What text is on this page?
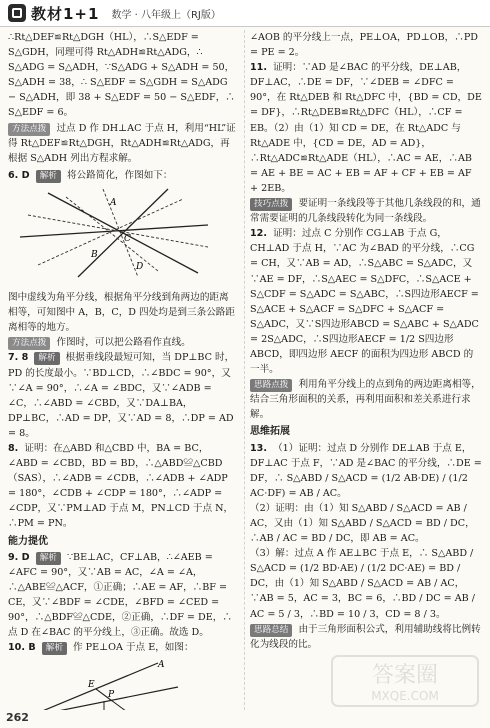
教材1+1 数学 · 八年级上（RJ版）

∴Rt△DEF≌Rt△DGH（HL），∴S△EDF = S△GDH，同理可得 Rt△ADH≌Rt△ADG，∴ S△ADG = S△ADH，∵S△ADG + S△ADH = 50，S△ADH = 38，∴ S△EDF = S△GDH = S△ADG − S△ADH，即 38 + S△EDF = 50 − S△EDF，∴ S△EDF = 6。

方法点拨 过点 D 作 DH⊥AC 于点 H，利用“HL”证得 Rt△DEF≌Rt△DGH，Rt△ADH≌Rt△ADG，再根据 S△ADH 列出方程求解。

6. D 解析 将公路简化，作图如下：

A
B
C
D

图中虚线为角平分线，根据角平分线到角两边的距离相等，可知图中 A，B，C，D 四处均是到三条公路距离相等的地方。

方法点拨 作图时，可以把公路看作直线。

7. 8 解析 根据垂线段最短可知，当 DP⊥BC 时，PD 的长度最小。∵BD⊥CD，∴∠BDC = 90°，又∵∠A = 90°，∴∠A = ∠BDC，又∵∠ADB = ∠C，∴∠ABD = ∠CBD，又∵DA⊥BA，DP⊥BC，∴AD = DP，又∵AD = 8，∴DP = AD = 8。

8. 证明：在△ABD 和△CBD 中，BA = BC，∠ABD = ∠CBD，BD = BD，∴△ABD≌△CBD（SAS），∴∠ADB = ∠CDB，∴∠ADB + ∠ADP = 180°，∠CDB + ∠CDP = 180°，∴∠ADP = ∠CDP，又∵PM⊥AD 于点 M，PN⊥CD 于点 N，∴PM = PN。

能力提优

9. D 解析 ∵BE⊥AC，CF⊥AB，∴∠AEB = ∠AFC = 90°，又∵AB = AC，∠A = ∠A，∴△ABE≌△ACF，①正确；∴AE = AF，∴BF = CE，又∵∠BDF = ∠CDE，∠BFD = ∠CED = 90°，∴△BDF≌△CDE，②正确，∴DF = DE，∴点 D 在∠BAC 的平分线上，③正确。故选 D。

10. B 解析 作 PE⊥OA 于点 E，如图：

A
P
E

∠AOB 的平分线上一点，PE⊥OA，PD⊥OB，∴PD = PE = 2。

11. 证明：∵AD 是∠BAC 的平分线，DE⊥AB，DF⊥AC，∴DE = DF，∵∠DEB = ∠DFC = 90°，在 Rt△DEB 和 Rt△DFC 中，{BD = CD，DE = DF}，∴Rt△DEB≌Rt△DFC（HL），∴CF = EB。（2）由（1）知 CD = DE，在 Rt△ADC 与 Rt△ADE 中，{CD = DE，AD = AD}，∴Rt△ADC≌Rt△ADE（HL），∴AC = AE，∴AB = AE + BE = AC + EB = AF + CF + EB = AF + 2EB。

技巧点拨 要证明一条线段等于其他几条线段的和，通常需要证明的几条线段转化为同一条线段。

12. 证明：过点 C 分别作 CG⊥AB 于点 G，CH⊥AD 于点 H，∵AC 为∠BAD 的平分线，∴CG = CH，又∵AB = AD，∴S△ABC = S△ADC，又∵AE = DF，∴S△AEC = S△DFC，∴S△ACE + S△CDF = S△ADC = S△ABC，∴S四边形AECF = S△ACE + S△ACF = S△DFC + S△ACF = S△ADC，又∵S四边形ABCD = S△ABC + S△ADC = 2S△ADC，∴S四边形AECF = 1/2 S四边形ABCD，即四边形 AECF 的面积为四边形 ABCD 的一半。

思路点拨 利用角平分线上的点到角的两边距离相等，结合三角形面积的关系，再利用面积和差关系进行求解。

思维拓展

13. （1）证明：过点 D 分别作 DE⊥AB 于点 E，DF⊥AC 于点 F，∵AD 是∠BAC 的平分线，∴DE = DF，∴ S△ABD / S△ACD = (1/2 AB·DE) / (1/2 AC·DF) = AB / AC。

（2）证明：由（1）知 S△ABD / S△ACD = AB / AC，又由（1）知 S△ABD / S△ACD = BD / DC，∴AB / AC = BD / DC，即 AB = AC。

（3）解：过点 A 作 AE⊥BC 于点 E，∴ S△ABD / S△ACD = (1/2 BD·AE) / (1/2 DC·AE) = BD / DC，由（1）知 S△ABD / S△ACD = AB / AC，∵AB = 5，AC = 3，BC = 6，∴BD / DC = AB / AC = 5 / 3，∴BD = 10 / 3，CD = 8 / 3。

思路总结 由于三角形面积公式，利用辅助线将比例转化为线段的比。

262
答案圈
MXQE.COM
